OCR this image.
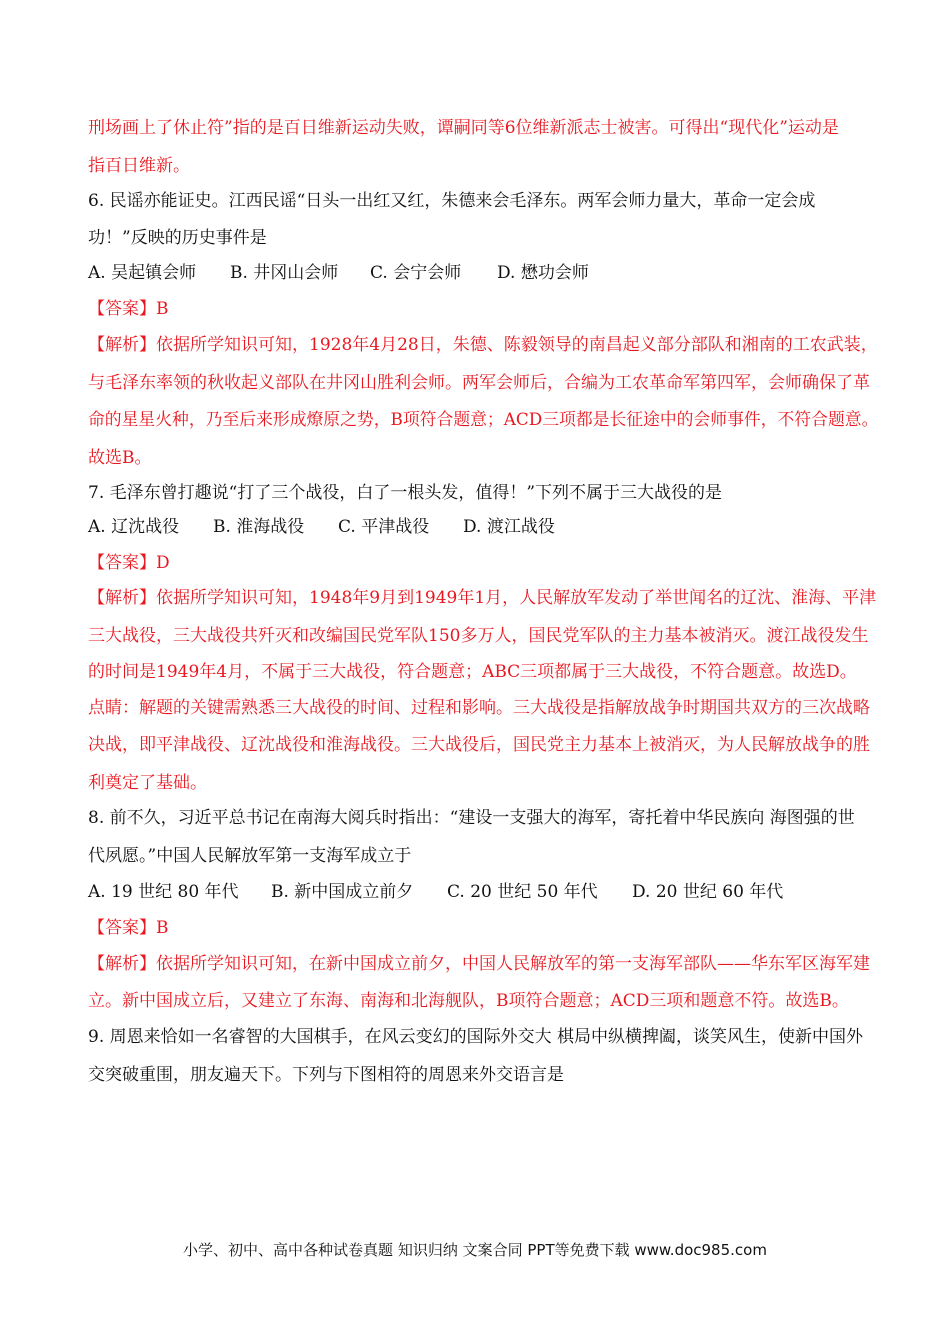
刑场画上了休止符”指的是百日维新运动失败，谭嗣同等6位维新派志士被害。可得出“现代化”运动是
指百日维新。
6. 民谣亦能证史。江西民谣“日头一出红又红，朱德来会毛泽东。两军会师力量大，革命一定会成
功！”反映的历史事件是
A. 吴起镇会师 B. 井冈山会师 C. 会宁会师 D. 懋功会师
【答案】B
【解析】依据所学知识可知，1928年4月28日，朱德、陈毅领导的南昌起义部分部队和湘南的工农武装，
与毛泽东率领的秋收起义部队在井冈山胜利会师。两军会师后，合编为工农革命军第四军，会师确保了革
命的星星火种，乃至后来形成燎原之势，B项符合题意；ACD三项都是长征途中的会师事件，不符合题意。
故选B。
7. 毛泽东曾打趣说“打了三个战役，白了一根头发，值得！”下列不属于三大战役的是
A. 辽沈战役 B. 淮海战役 C. 平津战役 D. 渡江战役
【答案】D
【解析】依据所学知识可知，1948年9月到1949年1月，人民解放军发动了举世闻名的辽沈、淮海、平津
三大战役，三大战役共歼灭和改编国民党军队150多万人，国民党军队的主力基本被消灭。渡江战役发生
的时间是1949年4月，不属于三大战役，符合题意；ABC三项都属于三大战役，不符合题意。故选D。
点睛：解题的关键需熟悉三大战役的时间、过程和影响。三大战役是指解放战争时期国共双方的三次战略
决战，即平津战役、辽沈战役和淮海战役。三大战役后，国民党主力基本上被消灭，为人民解放战争的胜
利奠定了基础。
8. 前不久，习近平总书记在南海大阅兵时指出：“建设一支强大的海军，寄托着中华民族向 海图强的世
代夙愿。”中国人民解放军第一支海军成立于
A. 19 世纪 80 年代 B. 新中国成立前夕 C. 20 世纪 50 年代 D. 20 世纪 60 年代
【答案】B
【解析】依据所学知识可知，在新中国成立前夕，中国人民解放军的第一支海军部队——华东军区海军建
立。新中国成立后，又建立了东海、南海和北海舰队，B项符合题意；ACD三项和题意不符。故选B。
9. 周恩来恰如一名睿智的大国棋手，在风云变幻的国际外交大 棋局中纵横捭阖，谈笑风生，使新中国外
交突破重围，朋友遍天下。下列与下图相符的周恩来外交语言是
小学、初中、高中各种试卷真题 知识归纳 文案合同 PPT等免费下载 www.doc985.com
